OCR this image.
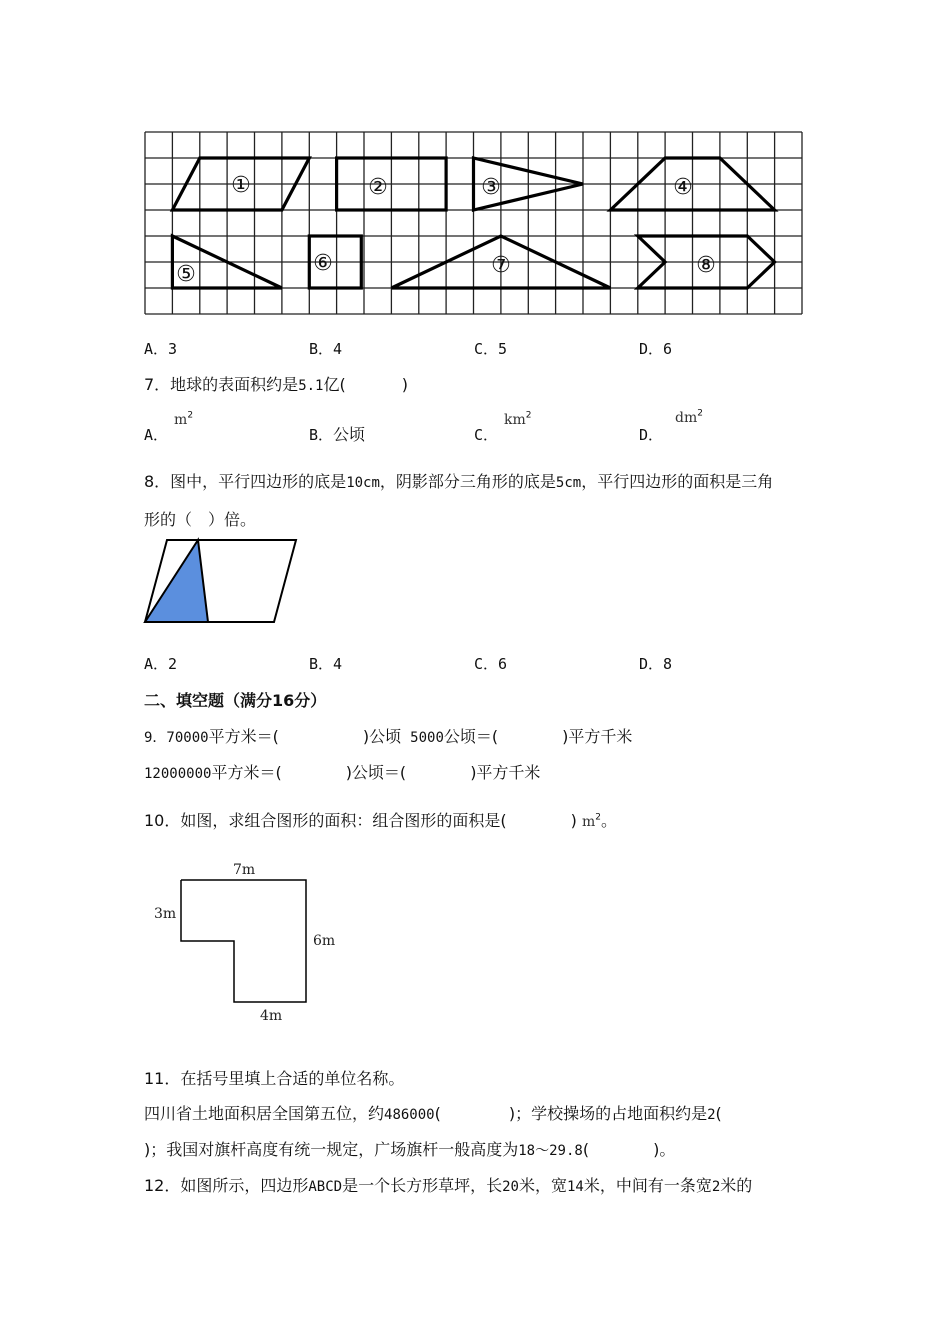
①	②	③	④
⑤	⑥	⑦	⑧
A．3	B．4	C．5	D．6
7．地球的表面积约是5.1亿(	)
A．$m^2$
B．公顷	C．$km^2$
D．$dm^2$
8．图中，平行四边形的底是10cm，阴影部分三角形的底是5cm，平行四边形的面积是三角
形的（　）倍。
A．2	B．4	C．6	D．8
二、填空题（满分16分）
9．70000平方米＝(	)公顷 5000公顷＝(	)平方千米
12000000平方米＝(	)公顷＝(	)平方千米
10．如图，求组合图形的面积：组合图形的面积是(	) $m^2$。
7m
3m
6m
4m
11．在括号里填上合适的单位名称。
四川省土地面积居全国第五位，约486000(	)；学校操场的占地面积约是2(
)；我国对旗杆高度有统一规定，广场旗杆一般高度为18～29.8(	)。
12．如图所示，四边形ABCD是一个长方形草坪，长20米，宽14米，中间有一条宽2米的
